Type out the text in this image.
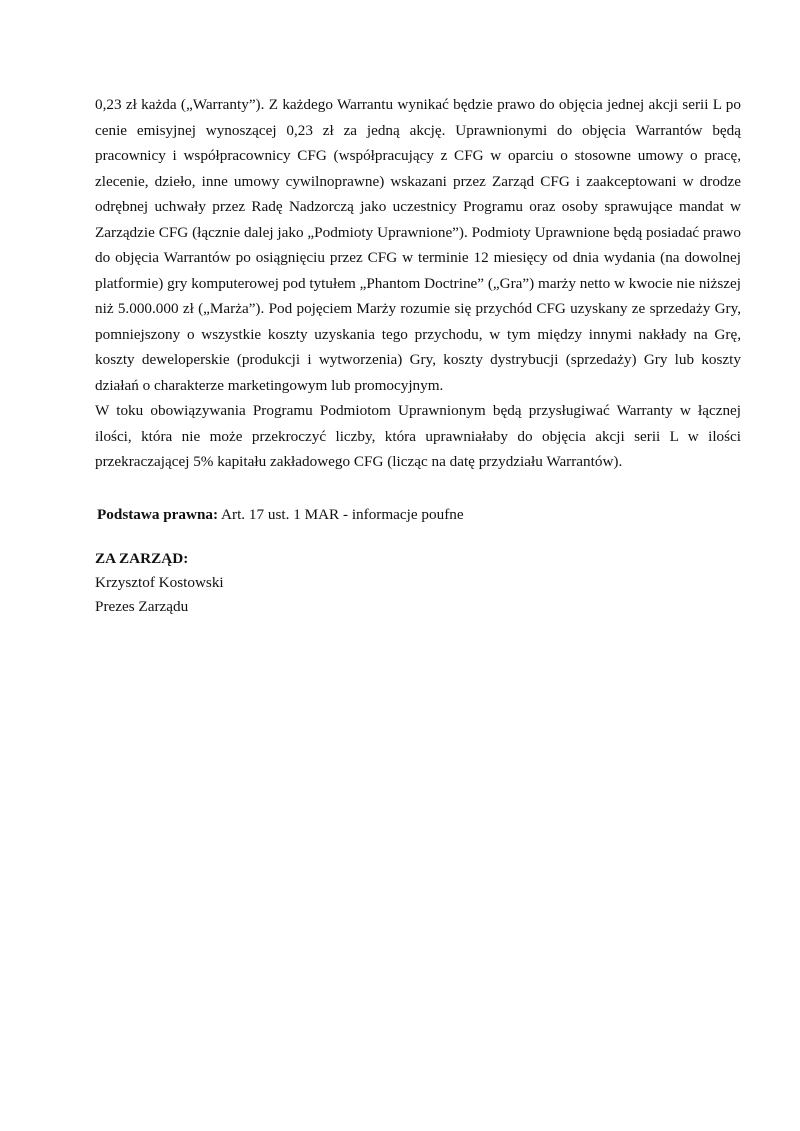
0,23 zł każda („Warranty”). Z każdego Warrantu wynikać będzie prawo do objęcia jednej akcji serii L po cenie emisyjnej wynoszącej 0,23 zł za jedną akcję. Uprawnionymi do objęcia Warrantów będą pracownicy i współpracownicy CFG (współpracujący z CFG w oparciu o stosowne umowy o pracę, zlecenie, dzieło, inne umowy cywilnoprawne) wskazani przez Zarząd CFG i zaakceptowani w drodze odrębnej uchwały przez Radę Nadzorczą jako uczestnicy Programu oraz osoby sprawujące mandat w Zarządzie CFG (łącznie dalej jako „Podmioty Uprawnione”). Podmioty Uprawnione będą posiadać prawo do objęcia Warrantów po osiągnięciu przez CFG w terminie 12 miesięcy od dnia wydania (na dowolnej platformie) gry komputerowej pod tytułem „Phantom Doctrine” („Gra”) marży netto w kwocie nie niższej niż 5.000.000 zł („Marża”). Pod pojęciem Marży rozumie się przychód CFG uzyskany ze sprzedaży Gry, pomniejszony o wszystkie koszty uzyskania tego przychodu, w tym między innymi nakłady na Grę, koszty deweloperskie (produkcji i wytworzenia) Gry, koszty dystrybucji (sprzedaży) Gry lub koszty działań o charakterze marketingowym lub promocyjnym.

W toku obowiązywania Programu Podmiotom Uprawnionym będą przysługiwać Warranty w łącznej ilości, która nie może przekroczyć liczby, która uprawniałaby do objęcia akcji serii L w ilości przekraczającej 5% kapitału zakładowego CFG (licząc na datę przydziału Warrantów).

Podstawa prawna: Art. 17 ust. 1 MAR - informacje poufne

ZA ZARZĄD:
Krzysztof Kostowski
Prezes Zarządu
